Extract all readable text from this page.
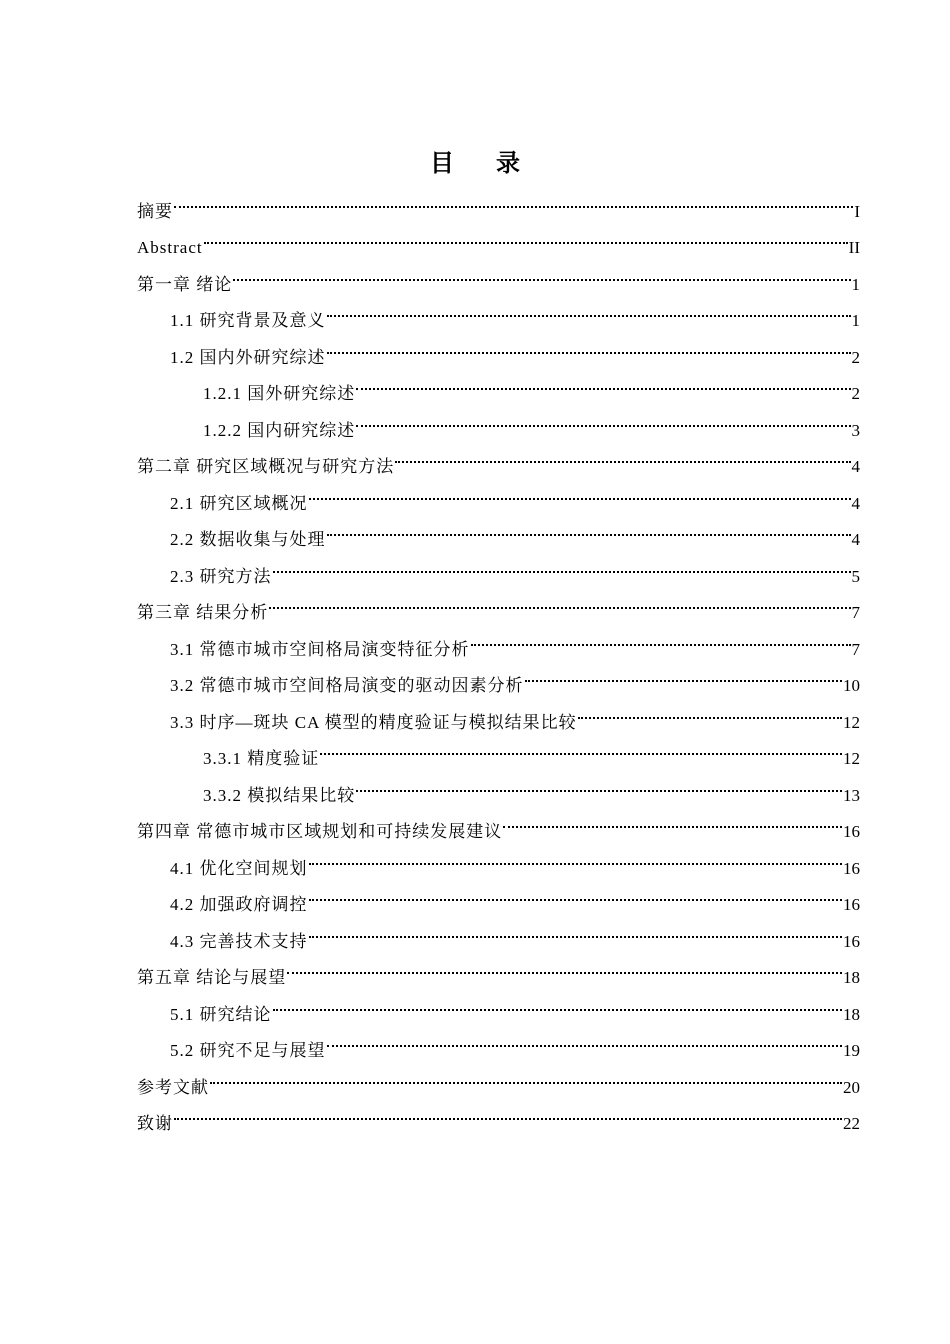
目 录
摘要	I
Abstract	II
第一章 绪论	1
1.1 研究背景及意义	1
1.2 国内外研究综述	2
1.2.1 国外研究综述	2
1.2.2 国内研究综述	3
第二章 研究区域概况与研究方法	4
2.1 研究区域概况	4
2.2 数据收集与处理	4
2.3 研究方法	5
第三章 结果分析	7
3.1 常德市城市空间格局演变特征分析	7
3.2 常德市城市空间格局演变的驱动因素分析	10
3.3 时序—斑块 CA 模型的精度验证与模拟结果比较	12
3.3.1 精度验证	12
3.3.2 模拟结果比较	13
第四章 常德市城市区域规划和可持续发展建议	16
4.1 优化空间规划	16
4.2 加强政府调控	16
4.3 完善技术支持	16
第五章 结论与展望	18
5.1 研究结论	18
5.2 研究不足与展望	19
参考文献	20
致谢	22
